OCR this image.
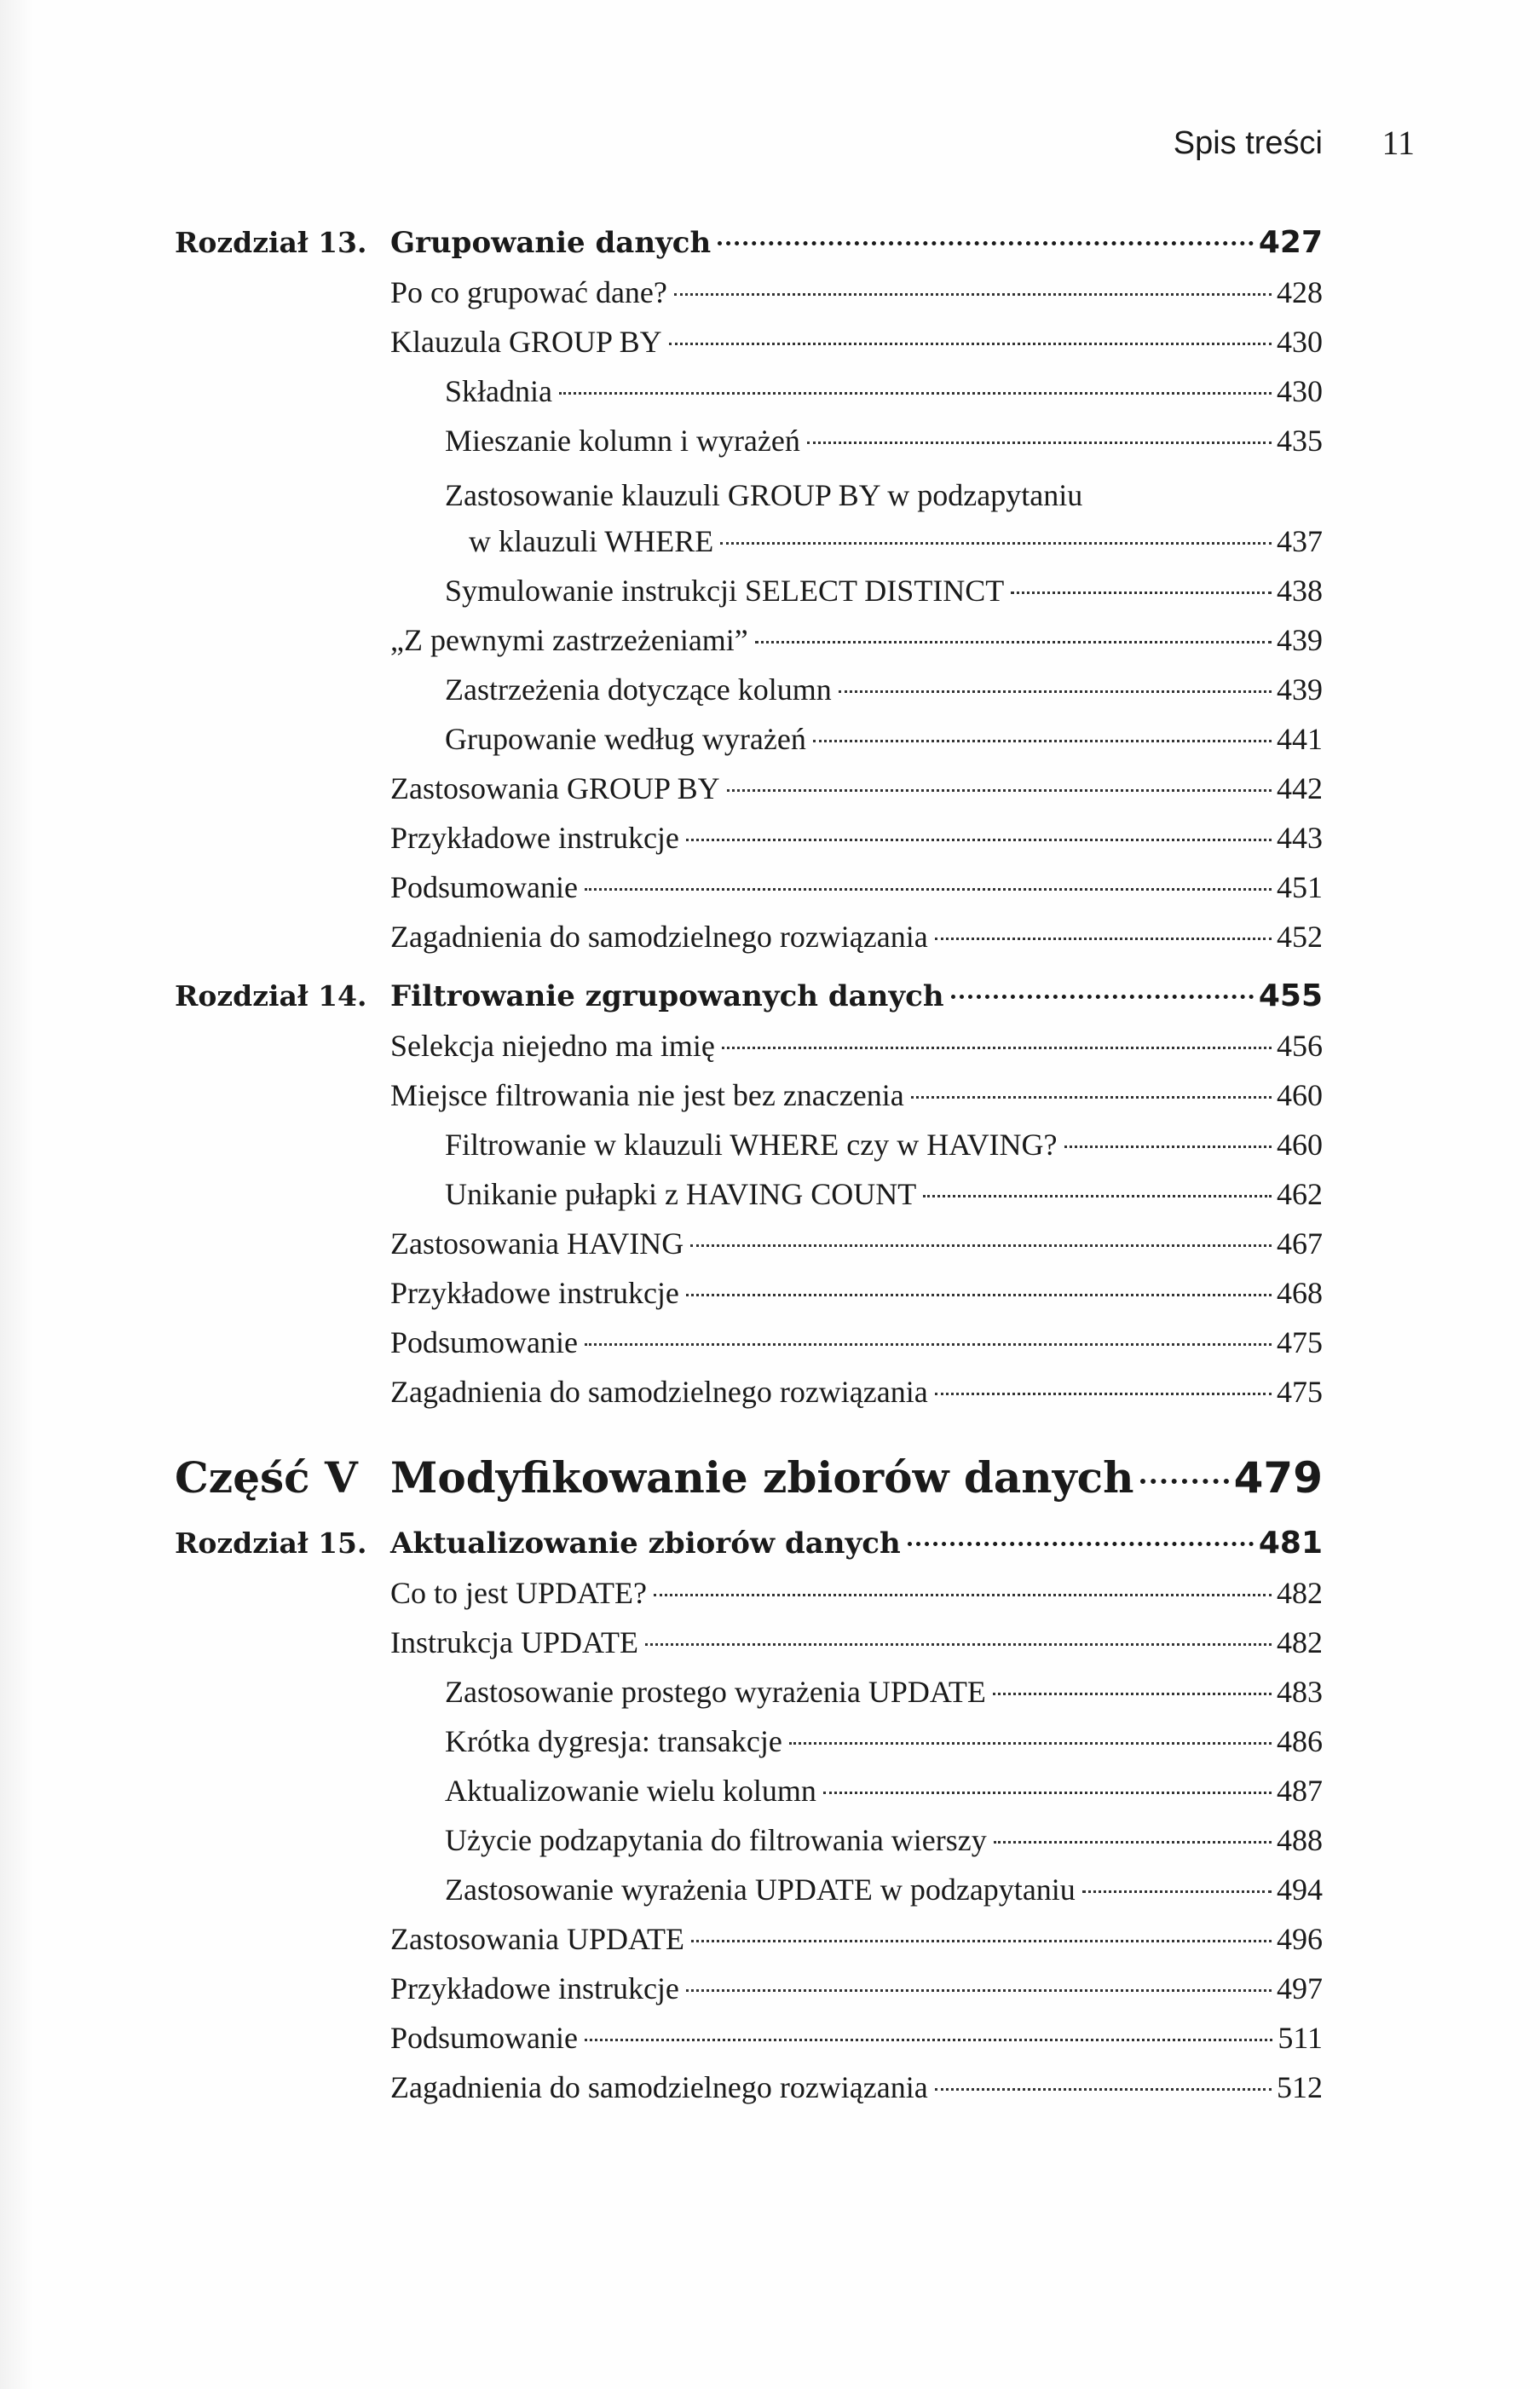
Spis treści 11
Rozdział 13. Grupowanie danych	427
Po co grupować dane?	428
Klauzula GROUP BY	430
Składnia	430
Mieszanie kolumn i wyrażeń	435
Zastosowanie klauzuli GROUP BY w podzapytaniu
w klauzuli WHERE	437
Symulowanie instrukcji SELECT DISTINCT	438
„Z pewnymi zastrzeżeniami”	439
Zastrzeżenia dotyczące kolumn	439
Grupowanie według wyrażeń	441
Zastosowania GROUP BY	442
Przykładowe instrukcje	443
Podsumowanie	451
Zagadnienia do samodzielnego rozwiązania	452
Rozdział 14. Filtrowanie zgrupowanych danych	455
Selekcja niejedno ma imię	456
Miejsce filtrowania nie jest bez znaczenia	460
Filtrowanie w klauzuli WHERE czy w HAVING?	460
Unikanie pułapki z HAVING COUNT	462
Zastosowania HAVING	467
Przykładowe instrukcje	468
Podsumowanie	475
Zagadnienia do samodzielnego rozwiązania	475
Część V Modyfikowanie zbiorów danych 479
Rozdział 15. Aktualizowanie zbiorów danych	481
Co to jest UPDATE?	482
Instrukcja UPDATE	482
Zastosowanie prostego wyrażenia UPDATE	483
Krótka dygresja: transakcje	486
Aktualizowanie wielu kolumn	487
Użycie podzapytania do filtrowania wierszy	488
Zastosowanie wyrażenia UPDATE w podzapytaniu	494
Zastosowania UPDATE	496
Przykładowe instrukcje	497
Podsumowanie	511
Zagadnienia do samodzielnego rozwiązania	512
